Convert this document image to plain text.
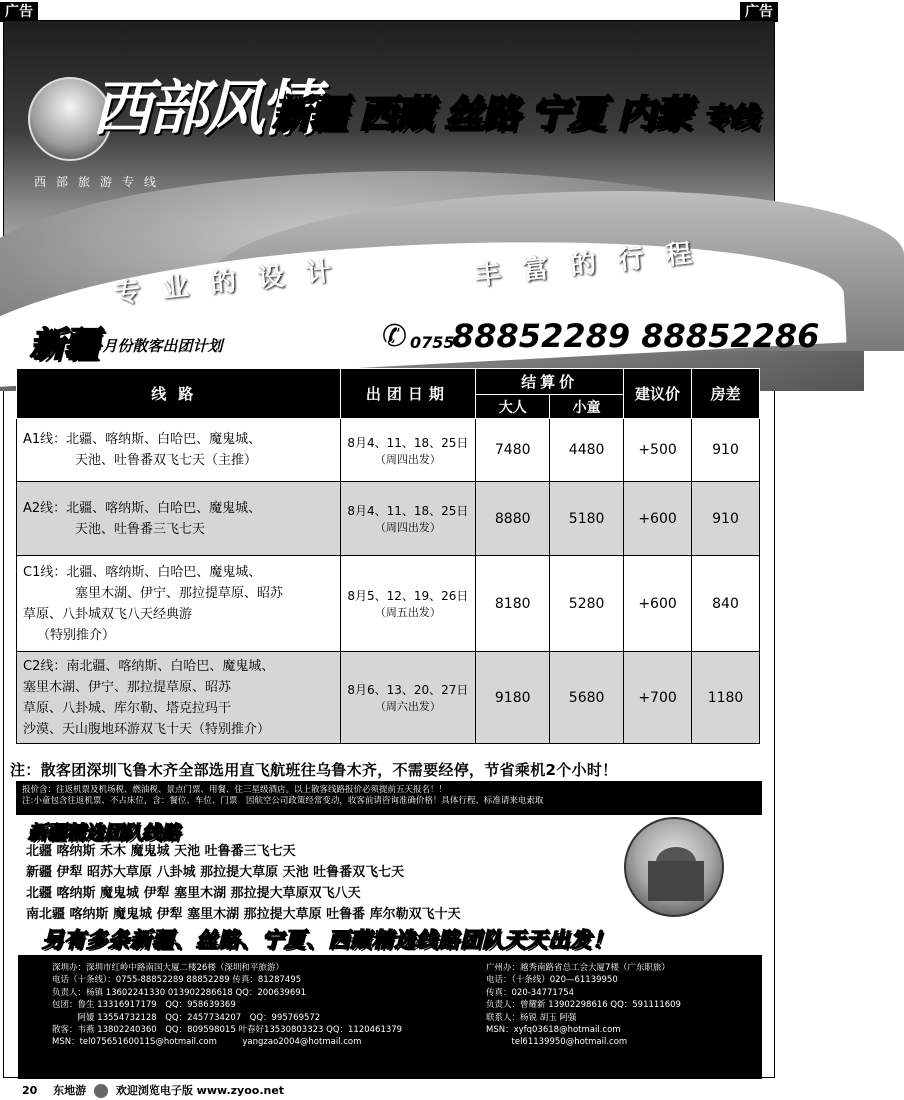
广告	广告
西部风情
西部旅游专线
新疆 西藏 丝路 宁夏 内蒙 专线
专业的设计	丰富的行程
新疆
8月份散客出团计划	✆ 0755-
88852289 88852286
线路	出团日期	结算价		建议价	房差
		大人	小童		

A1线：北疆、喀纳斯、白哈巴、魔鬼城、
天池、吐鲁番双飞七天（主推）	8月4、11、18、25日
（周四出发）	7480	4480	+500	910

A2线：北疆、喀纳斯、白哈巴、魔鬼城、
天池、吐鲁番三飞七天	8月4、11、18、25日
（周四出发）	8880	5180	+600	910

C1线：北疆、喀纳斯、白哈巴、魔鬼城、
塞里木湖、伊宁、那拉提草原、昭苏
草原、八卦城双飞八天经典游
（特别推介）	8月5、12、19、26日
（周五出发）	8180	5280	+600	840

C2线：南北疆、喀纳斯、白哈巴、魔鬼城、
塞里木湖、伊宁、那拉提草原、昭苏
草原、八卦城、库尔勒、塔克拉玛干
沙漠、天山腹地环游双飞十天（特别推介）	8月6、13、20、27日
（周六出发）	9180	5680	+700	1180
注：散客团深圳飞鲁木齐全部选用直飞航班往乌鲁木齐，不需要经停，节省乘机2个小时！
报价含：往返机票及机场税、燃油税、景点门票、用餐、住三星级酒店。以上散客线路报价必须提前五天报名！！
注:小童包含往返机票、不占床位，含：餐位、车位、门票　因航空公司政策经常变动，收客前请咨询准确价格！具体行程、标准请来电索取
新疆精选团队线路
北疆 喀纳斯 禾木 魔鬼城 天池 吐鲁番三飞七天
新疆 伊犁 昭苏大草原 八卦城 那拉提大草原 天池 吐鲁番双飞七天
北疆 喀纳斯 魔鬼城 伊犁 塞里木湖 那拉提大草原双飞八天
南北疆 喀纳斯 魔鬼城 伊犁 塞里木湖 那拉提大草原 吐鲁番 库尔勒双飞十天
另有多条新疆、丝路、宁夏、西藏精选线路团队天天出发！
深圳办：深圳市红岭中路南国大厦二楼26楼（深圳和平旅游）
电话（十条线）：0755-88852289 88852289 传真：81287495
负责人：杨镇 13602241330 013902286618 QQ：200639691
包团：鲁生 13316917179　QQ：958639369
　　　阿媛 13554732128　QQ：2457734207　QQ：995769572
散客：韦燕 13802240360　QQ：809598015 叶春好13530803323 QQ：1120461379
MSN：tel07565160011S@hotmail.com　　　yangzao2004@hotmail.com
广州办：越秀南路省总工会大厦7楼（广东职旅）
电话：（十条线）020—61139950
传真：020-34771754
负责人：曾耀新 13902298616 QQ：591111609
联系人：杨锐 胡玉 阿强
MSN：xyfq03618@hotmail.com
　　　tel61139950@hotmail.com
20 东地游	欢迎浏览电子版 www.zyoo.net
